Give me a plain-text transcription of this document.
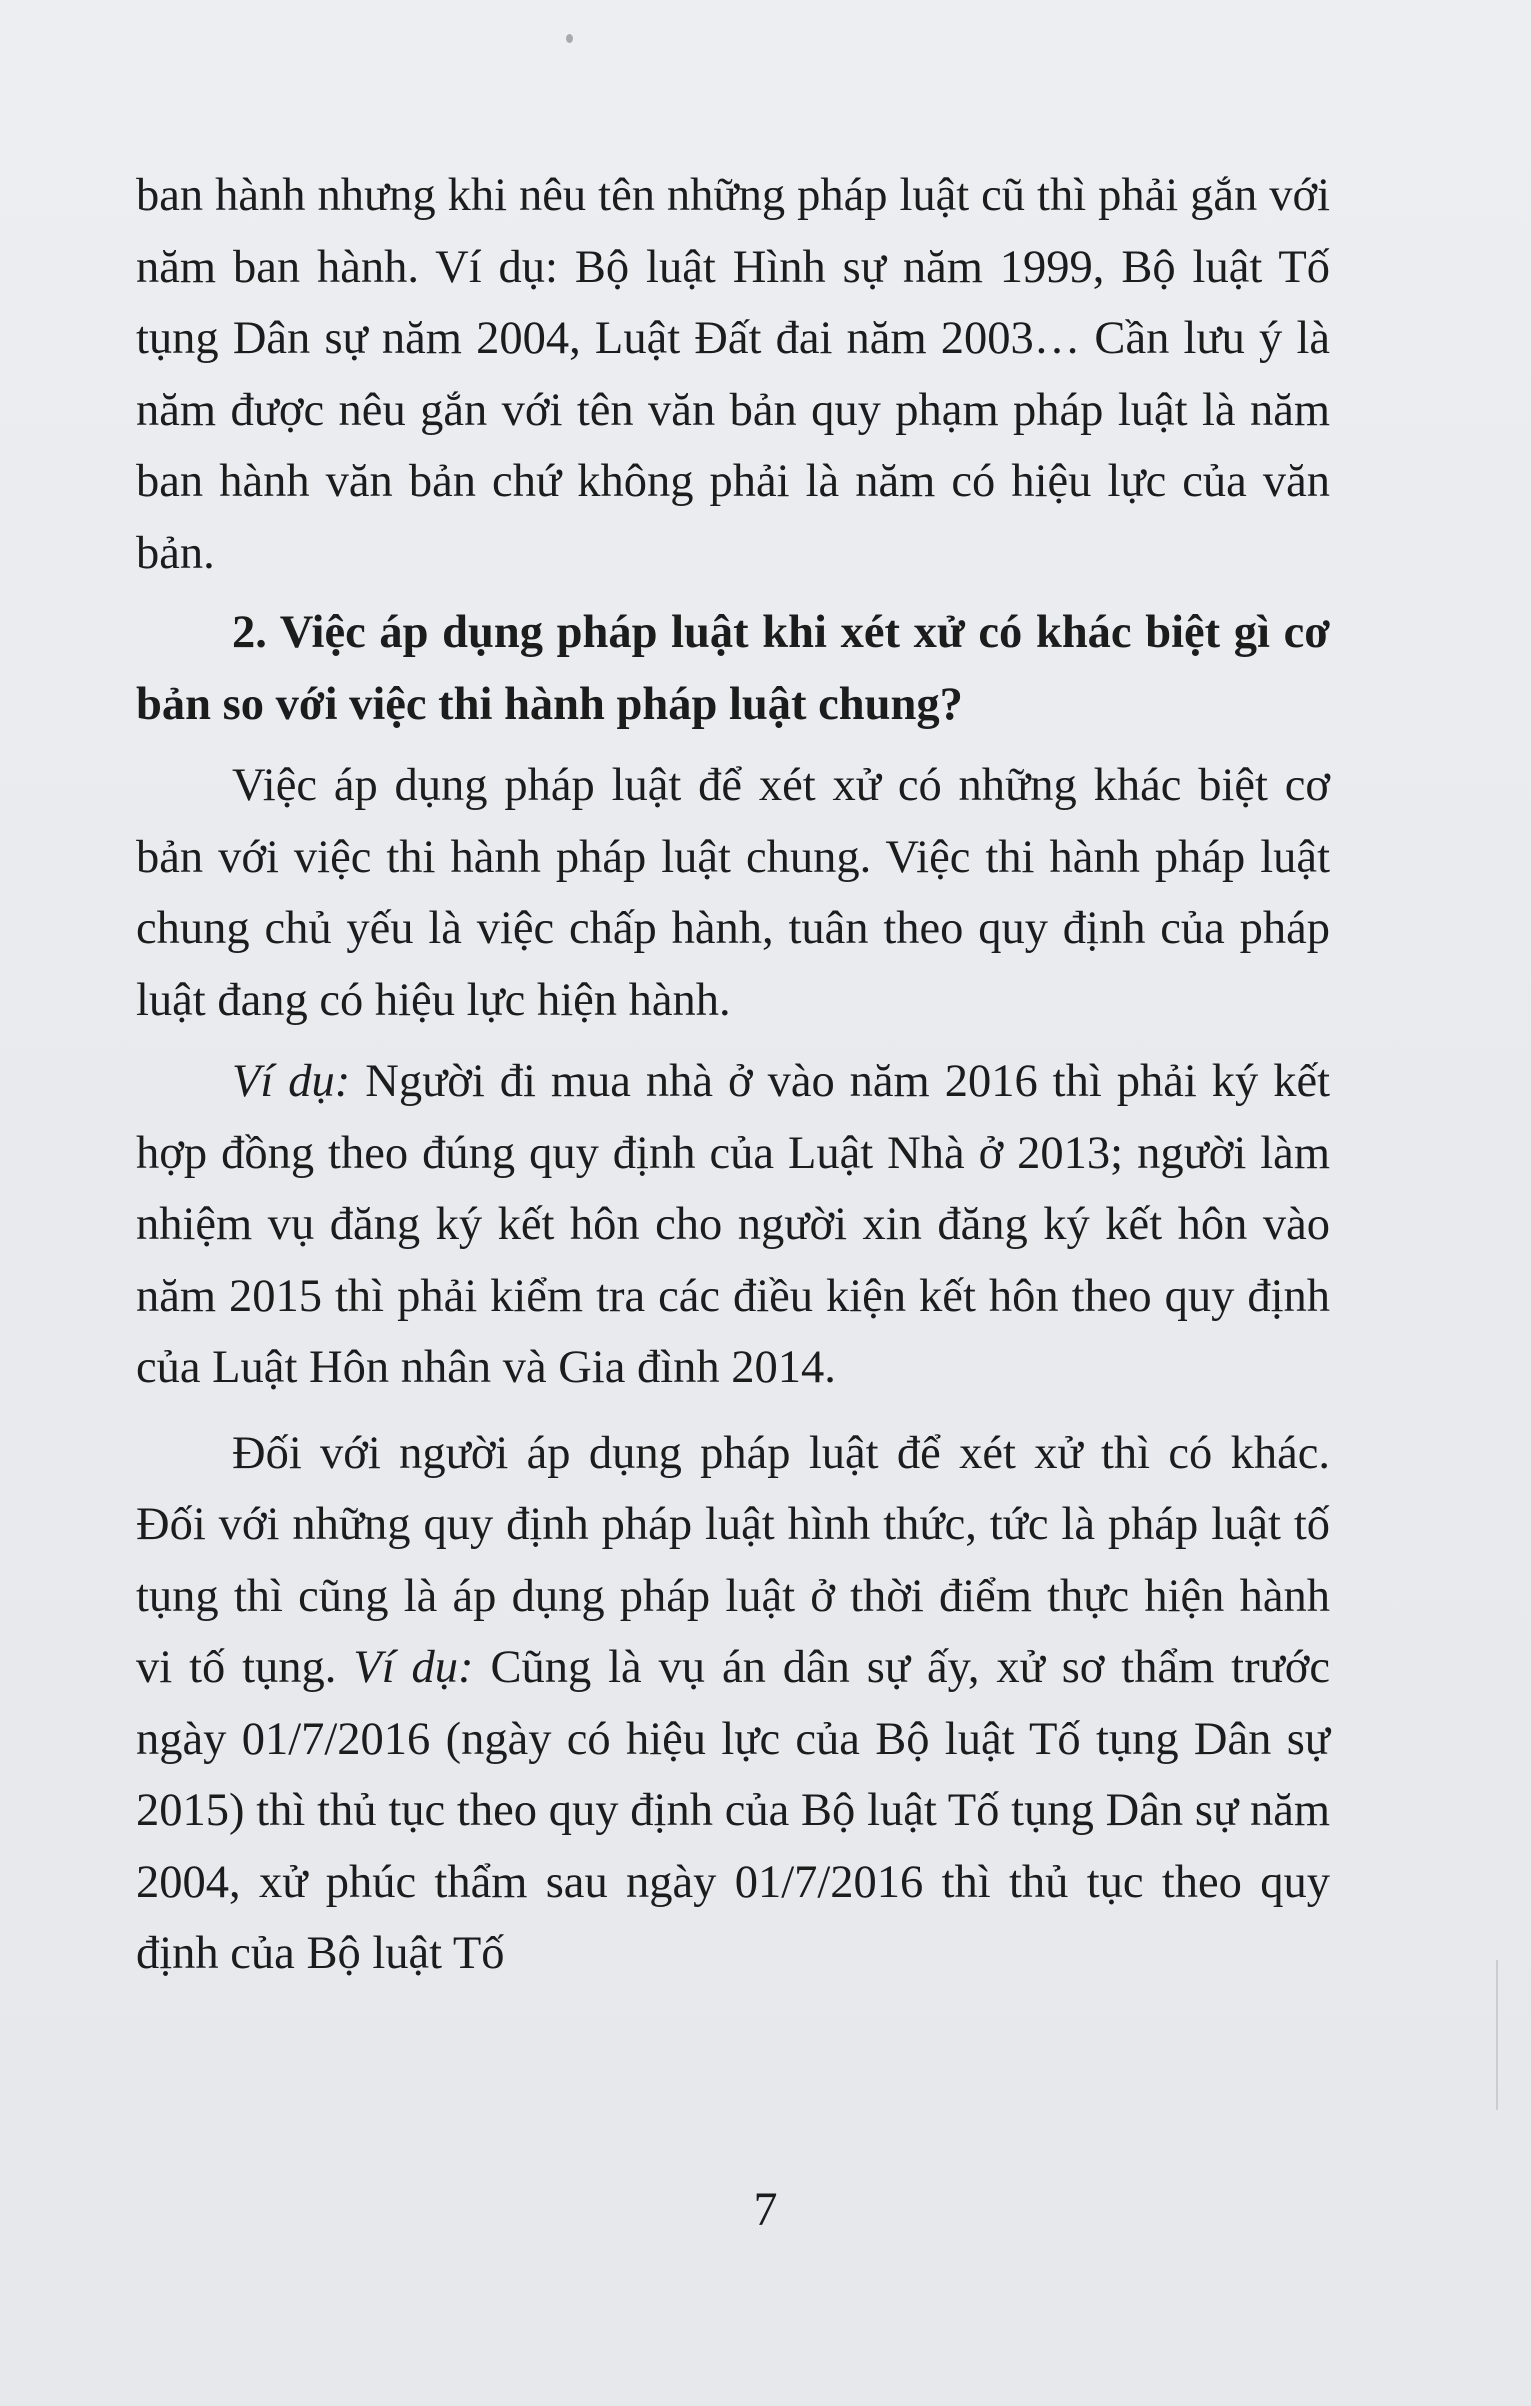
ban hành nhưng khi nêu tên những pháp luật cũ thì phải gắn với năm ban hành. Ví dụ: Bộ luật Hình sự năm 1999, Bộ luật Tố tụng Dân sự năm 2004, Luật Đất đai năm 2003… Cần lưu ý là năm được nêu gắn với tên văn bản quy phạm pháp luật là năm ban hành văn bản chứ không phải là năm có hiệu lực của văn bản.

2. Việc áp dụng pháp luật khi xét xử có khác biệt gì cơ bản so với việc thi hành pháp luật chung?

Việc áp dụng pháp luật để xét xử có những khác biệt cơ bản với việc thi hành pháp luật chung. Việc thi hành pháp luật chung chủ yếu là việc chấp hành, tuân theo quy định của pháp luật đang có hiệu lực hiện hành.

Ví dụ: Người đi mua nhà ở vào năm 2016 thì phải ký kết hợp đồng theo đúng quy định của Luật Nhà ở 2013; người làm nhiệm vụ đăng ký kết hôn cho người xin đăng ký kết hôn vào năm 2015 thì phải kiểm tra các điều kiện kết hôn theo quy định của Luật Hôn nhân và Gia đình 2014.

Đối với người áp dụng pháp luật để xét xử thì có khác. Đối với những quy định pháp luật hình thức, tức là pháp luật tố tụng thì cũng là áp dụng pháp luật ở thời điểm thực hiện hành vi tố tụng. Ví dụ: Cũng là vụ án dân sự ấy, xử sơ thẩm trước ngày 01/7/2016 (ngày có hiệu lực của Bộ luật Tố tụng Dân sự 2015) thì thủ tục theo quy định của Bộ luật Tố tụng Dân sự năm 2004, xử phúc thẩm sau ngày 01/7/2016 thì thủ tục theo quy định của Bộ luật Tố

7
